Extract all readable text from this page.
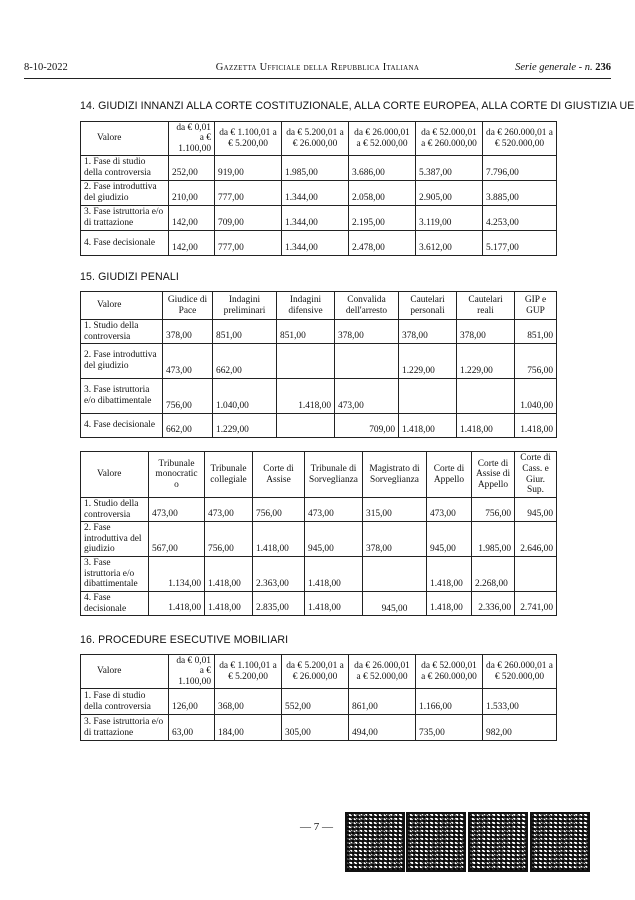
8-10-2022	Gazzetta Ufficiale della Repubblica Italiana	Serie generale - n. 236
14. GIUDIZI INNANZI ALLA CORTE COSTITUZIONALE, ALLA CORTE EUROPEA, ALLA CORTE DI GIUSTIZIA UE
Valore	da € 0,01 a € 1.100,00	da € 1.100,01 a € 5.200,00	da € 5.200,01 a € 26.000,00	da € 26.000,01 a € 52.000,00	da € 52.000,01 a € 260.000,00	da € 260.000,01 a € 520.000,00
1. Fase di studio della controversia	252,00	919,00	1.985,00	3.686,00	5.387,00	7.796,00
2. Fase introduttiva del giudizio	210,00	777,00	1.344,00	2.058,00	2.905,00	3.885,00
3. Fase istruttoria e/o di trattazione	142,00	709,00	1.344,00	2.195,00	3.119,00	4.253,00
4. Fase decisionale	142,00	777,00	1.344,00	2.478,00	3.612,00	5.177,00
15. GIUDIZI PENALI
Valore	Giudice di Pace	Indagini preliminari	Indagini difensive	Convalida dell'arresto	Cautelari personali	Cautelari reali	GIP e GUP
1. Studio della controversia	378,00	851,00	851,00	378,00	378,00	378,00	851,00
2. Fase introduttiva del giudizio	473,00	662,00			1.229,00	1.229,00	756,00
3. Fase istruttoria e/o dibattimentale	756,00	1.040,00	1.418,00	473,00			1.040,00
4. Fase decisionale	662,00	1.229,00		709,00	1.418,00	1.418,00	1.418,00
Valore	Tribunale monocratic o	Tribunale collegiale	Corte di Assise	Tribunale di Sorveglianza	Magistrato di Sorveglianza	Corte di Appello	Corte di Assise di Appello	Corte di Cass. e Giur. Sup.
1. Studio della controversia	473,00	473,00	756,00	473,00	315,00	473,00	756,00	945,00
2. Fase introduttiva del giudizio	567,00	756,00	1.418,00	945,00	378,00	945,00	1.985,00	2.646,00
3. Fase istruttoria e/o dibattimentale	1.134,00	1.418,00	2.363,00	1.418,00		1.418,00	2.268,00	
4. Fase decisionale	1.418,00	1.418,00	2.835,00	1.418,00	945,00	1.418,00	2.336,00	2.741,00
16. PROCEDURE ESECUTIVE MOBILIARI
Valore	da € 0,01 a € 1.100,00	da € 1.100,01 a € 5.200,00	da € 5.200,01 a € 26.000,00	da € 26.000,01 a € 52.000,00	da € 52.000,01 a € 260.000,00	da € 260.000,01 a € 520.000,00
1. Fase di studio della controversia	126,00	368,00	552,00	861,00	1.166,00	1.533,00
3. Fase istruttoria e/o di trattazione	63,00	184,00	305,00	494,00	735,00	982,00
— 7 —
